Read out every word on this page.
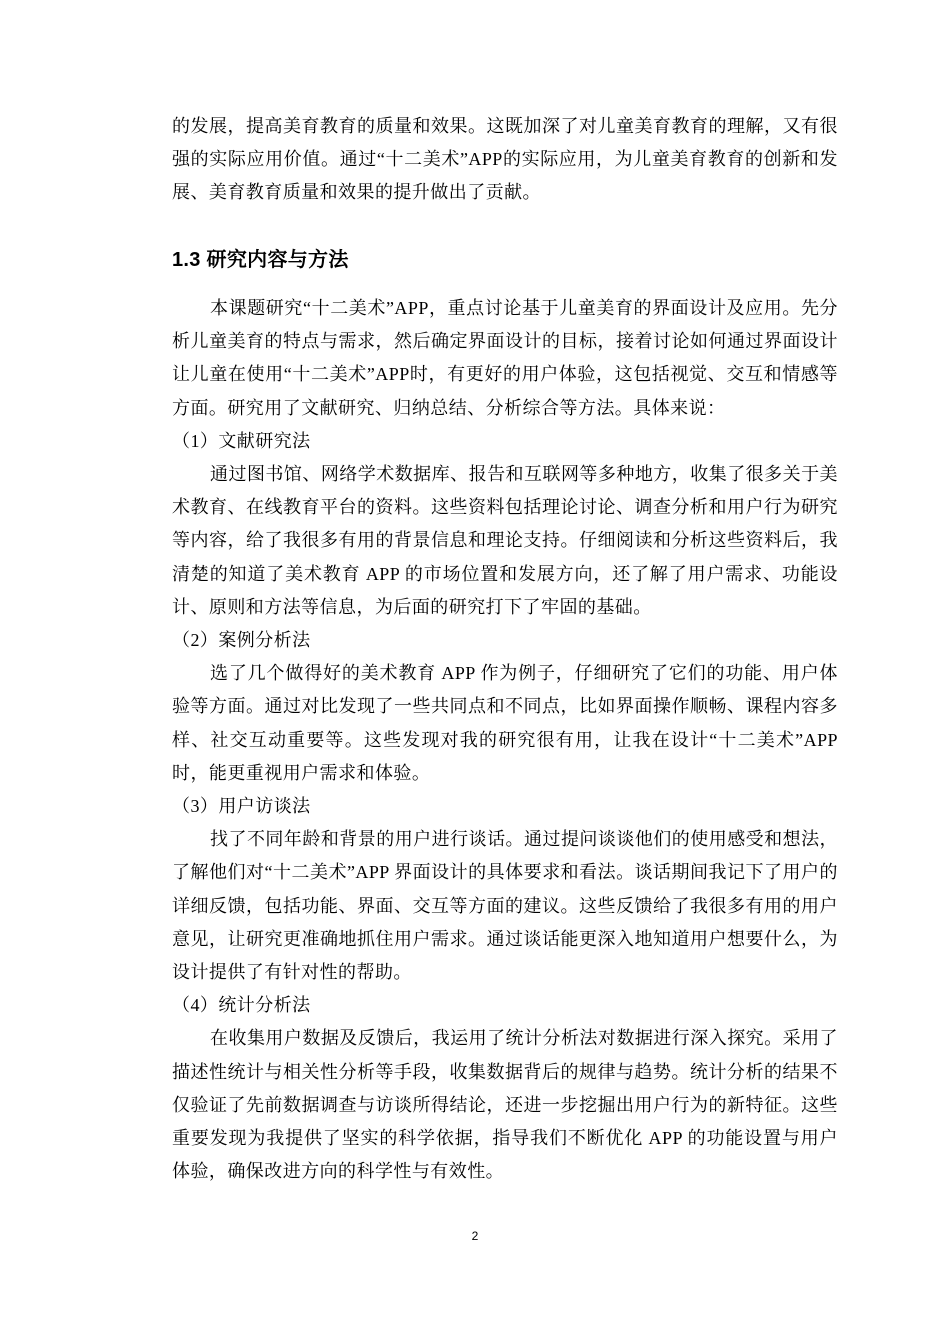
的发展，提高美育教育的质量和效果。这既加深了对儿童美育教育的理解，又有很强的实际应用价值。通过“十二美术”APP的实际应用，为儿童美育教育的创新和发展、美育教育质量和效果的提升做出了贡献。

1.3 研究内容与方法

本课题研究“十二美术”APP，重点讨论基于儿童美育的界面设计及应用。先分析儿童美育的特点与需求，然后确定界面设计的目标，接着讨论如何通过界面设计让儿童在使用“十二美术”APP时，有更好的用户体验，这包括视觉、交互和情感等方面。研究用了文献研究、归纳总结、分析综合等方法。具体来说：

（1）文献研究法

通过图书馆、网络学术数据库、报告和互联网等多种地方，收集了很多关于美术教育、在线教育平台的资料。这些资料包括理论讨论、调查分析和用户行为研究等内容，给了我很多有用的背景信息和理论支持。仔细阅读和分析这些资料后，我清楚的知道了美术教育 APP 的市场位置和发展方向，还了解了用户需求、功能设计、原则和方法等信息，为后面的研究打下了牢固的基础。

（2）案例分析法

选了几个做得好的美术教育 APP 作为例子，仔细研究了它们的功能、用户体验等方面。通过对比发现了一些共同点和不同点，比如界面操作顺畅、课程内容多样、社交互动重要等。这些发现对我的研究很有用，让我在设计“十二美术”APP时，能更重视用户需求和体验。

（3）用户访谈法

找了不同年龄和背景的用户进行谈话。通过提问谈谈他们的使用感受和想法，了解他们对“十二美术”APP 界面设计的具体要求和看法。谈话期间我记下了用户的详细反馈，包括功能、界面、交互等方面的建议。这些反馈给了我很多有用的用户意见，让研究更准确地抓住用户需求。通过谈话能更深入地知道用户想要什么，为设计提供了有针对性的帮助。

（4）统计分析法

在收集用户数据及反馈后，我运用了统计分析法对数据进行深入探究。采用了描述性统计与相关性分析等手段，收集数据背后的规律与趋势。统计分析的结果不仅验证了先前数据调查与访谈所得结论，还进一步挖掘出用户行为的新特征。这些重要发现为我提供了坚实的科学依据，指导我们不断优化 APP 的功能设置与用户体验，确保改进方向的科学性与有效性。

2
